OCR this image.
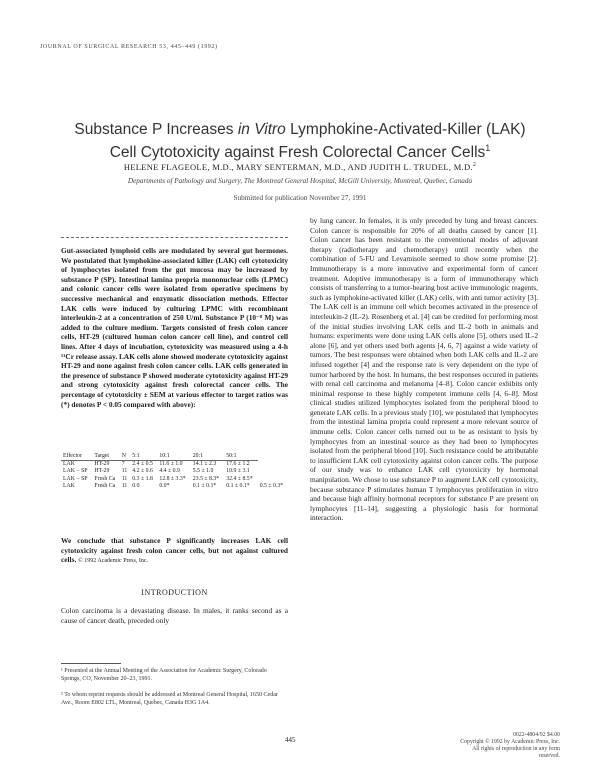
JOURNAL OF SURGICAL RESEARCH 53, 445–449 (1992)
Substance P Increases in Vitro Lymphokine-Activated-Killer (LAK)
Cell Cytotoxicity against Fresh Colorectal Cancer Cells$^1$
HELENE FLAGEOLE, M.D., MARY SENTERMAN, M.D., AND JUDITH L. TRUDEL, M.D.$^2$
Departments of Pathology and Surgery, The Montreal General Hospital, McGill University, Montreal, Quebec, Canada
Submitted for publication November 27, 1991
Gut-associated lymphoid cells are modulated by several gut hormones. We postulated that lymphokine-associated killer (LAK) cell cytotoxicity of lymphocytes isolated from the gut mucosa may be increased by substance P (SP). Intestinal lamina propria mononuclear cells (LPMC) and colonic cancer cells were isolated from operative specimens by successive mechanical and enzymatic dissociation methods. Effector LAK cells were induced by culturing LPMC with recombinant interleukin-2 at a concentration of 250 U/ml. Substance P (10⁻⁸ M) was added to the culture medium. Targets consisted of fresh colon cancer cells, HT-29 (cultured human colon cancer cell line), and control cell lines. After 4 days of incubation, cytotoxicity was measured using a 4-h ⁵¹Cr release assay. LAK cells alone showed moderate cytotoxicity against HT-29 and none against fresh colon cancer cells. LAK cells generated in the presence of substance P showed moderate cytotoxicity against HT-29 and strong cytotoxicity against fresh colorectal cancer cells. The percentage of cytotoxicity ± SEM at various effector to target ratios was (*) denotes P < 0.05 compared with above):
Effector	Target	N	5:1	10:1	20:1	50:1	
LAK	HT-29	7	2.4 ± 0.5	11.6 ± 1.0	14.1 ± 2.3	17.6 ± 1.2	
LAK − SP	HT-29	11	4.2 ± 0.6	4.4 ± 0.9	5.5 ± 1.0	10.9 ± 3.1	
LAK − SP	Fresh Ca	11	0.3 ± 1.8	12.8 ± 3.3*	23.5 ± 8.3*	32.4 ± 8.5*	
LAK	Fresh Ca	11	0.0	0.0*	0.1 ± 0.1*	0.1 ± 0.1*	0.5 ± 0.3*
We conclude that substance P significantly increases LAK cell cytotoxicity against fresh colon cancer cells, but not against cultured cells. © 1992 Academic Press, Inc.
INTRODUCTION
Colon carcinoma is a devastating disease. In males, it ranks second as a cause of cancer death, preceded only
¹ Presented at the Annual Meeting of the Association for Academic Surgery, Colorado Springs, CO, November 20–23, 1991.
² To whom reprint requests should be addressed at Montreal General Hospital, 1650 Cedar Ave., Room E802 LTL, Montreal, Quebec, Canada H3G 1A4.
by lung cancer. In females, it is only preceded by lung and breast cancers. Colon cancer is responsible for 20% of all deaths caused by cancer [1]. Colon cancer has been resistant to the conventional modes of adjuvant therapy (radiotherapy and chemotherapy) until recently when the combination of 5-FU and Levamisole seemed to show some promise [2]. Immunotherapy is a more innovative and experimental form of cancer treatment. Adoptive immunotherapy is a form of immunotherapy which consists of transferring to a tumor-bearing host active immunologic reagents, such as lymphokine-activated killer (LAK) cells, with anti tumor activity [3]. The LAK cell is an immune cell which becomes activated in the presence of interleukin-2 (IL-2). Rosenberg et al. [4] can be credited for performing most of the initial studies involving LAK cells and IL-2 both in animals and humans: experiments were done using LAK cells alone [5], others used IL-2 alone [6], and yet others used both agents [4, 6, 7] against a wide variety of tumors. The best responses were obtained when both LAK cells and IL-2 are infused together [4] and the response rate is very dependent on the type of tumor harbored by the host. In humans, the best responses occured in patients with renal cell carcinoma and melanoma [4–8]. Colon cancer exhibits only minimal response to these highly competent immune cells [4, 6–8]. Most clinical studies utilized lymphocytes isolated from the peripheral blood to generate LAK cells. In a previous study [10], we postulated that lymphocytes from the intestinal lamina propria could represent a more relevant source of immune cells. Colon cancer cells turned out to be as resistant to lysis by lymphocytes from an intestinal source as they had been to lymphocytes isolated from the peripheral blood [10]. Such resistance could be attributable to insufficient LAK cell cytotoxicity against colon cancer cells. The purpose of our study was to enhance LAK cell cytotoxicity by hormonal manipulation. We chose to use substance P to augment LAK cell cytotoxicity, because substance P stimulates human T lymphocytes proliferation in vitro and because high affinity hormonal receptors for substance P are present on lymphocytes [11–14], suggesting a physiologic basis for hormonal interaction.
445
0022-4804/92 $4.00
Copyright © 1992 by Academic Press, Inc.
All rights of reproduction in any form reserved.
